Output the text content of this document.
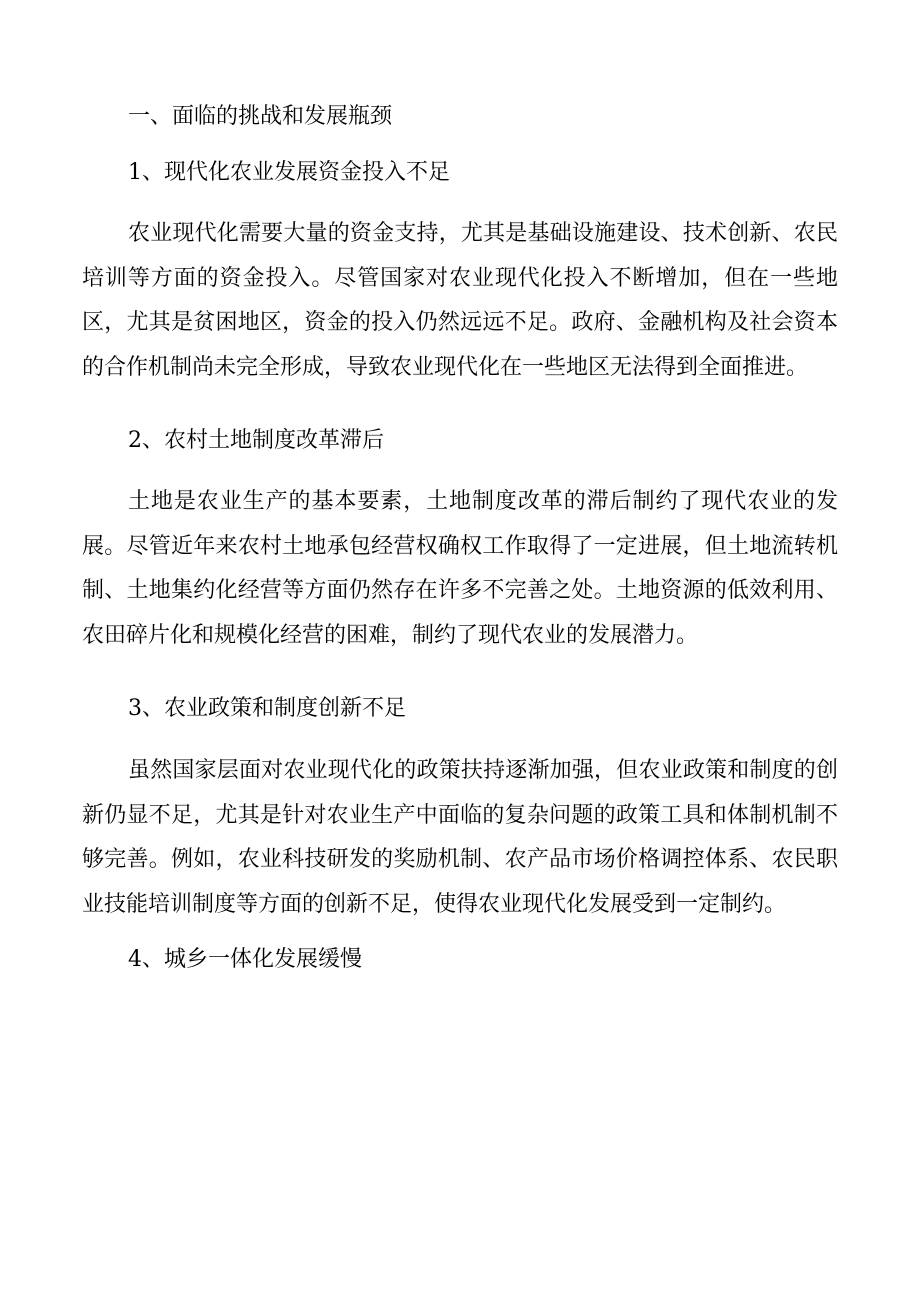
一、面临的挑战和发展瓶颈

1、现代化农业发展资金投入不足

农业现代化需要大量的资金支持，尤其是基础设施建设、技术创新、农民培训等方面的资金投入。尽管国家对农业现代化投入不断增加，但在一些地区，尤其是贫困地区，资金的投入仍然远远不足。政府、金融机构及社会资本的合作机制尚未完全形成，导致农业现代化在一些地区无法得到全面推进。

2、农村土地制度改革滞后

土地是农业生产的基本要素，土地制度改革的滞后制约了现代农业的发展。尽管近年来农村土地承包经营权确权工作取得了一定进展，但土地流转机制、土地集约化经营等方面仍然存在许多不完善之处。土地资源的低效利用、农田碎片化和规模化经营的困难，制约了现代农业的发展潜力。

3、农业政策和制度创新不足

虽然国家层面对农业现代化的政策扶持逐渐加强，但农业政策和制度的创新仍显不足，尤其是针对农业生产中面临的复杂问题的政策工具和体制机制不够完善。例如，农业科技研发的奖励机制、农产品市场价格调控体系、农民职业技能培训制度等方面的创新不足，使得农业现代化发展受到一定制约。

4、城乡一体化发展缓慢
